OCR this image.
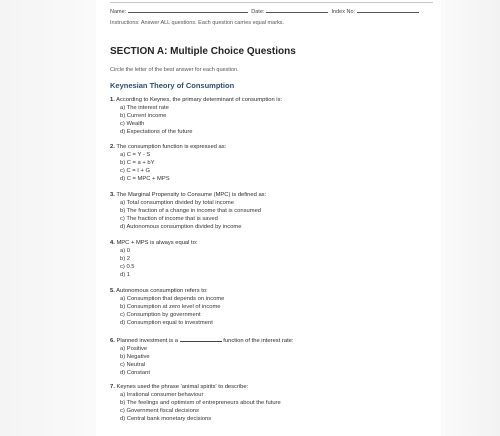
Name:	Date:	Index No:
Instructions: Answer ALL questions. Each question carries equal marks.
SECTION A: Multiple Choice Questions
Circle the letter of the best answer for each question.
Keynesian Theory of Consumption
1. According to Keynes, the primary determinant of consumption is:
a) The interest rate
b) Current income
c) Wealth
d) Expectations of the future
2. The consumption function is expressed as:
a) C = Y - S
b) C = a + bY
c) C = I + G
d) C = MPC + MPS
3. The Marginal Propensity to Consume (MPC) is defined as:
a) Total consumption divided by total income
b) The fraction of a change in income that is consumed
c) The fraction of income that is saved
d) Autonomous consumption divided by income
4. MPC + MPS is always equal to:
a) 0
b) 2
c) 0.5
d) 1
5. Autonomous consumption refers to:
a) Consumption that depends on income
b) Consumption at zero level of income
c) Consumption by government
d) Consumption equal to investment
6. Planned investment is a	function of the interest rate:
a) Positive
b) Negative
c) Neutral
d) Constant
7. Keynes used the phrase 'animal spirits' to describe:
a) Irrational consumer behaviour
b) The feelings and optimism of entrepreneurs about the future
c) Government fiscal decisions
d) Central bank monetary decisions
